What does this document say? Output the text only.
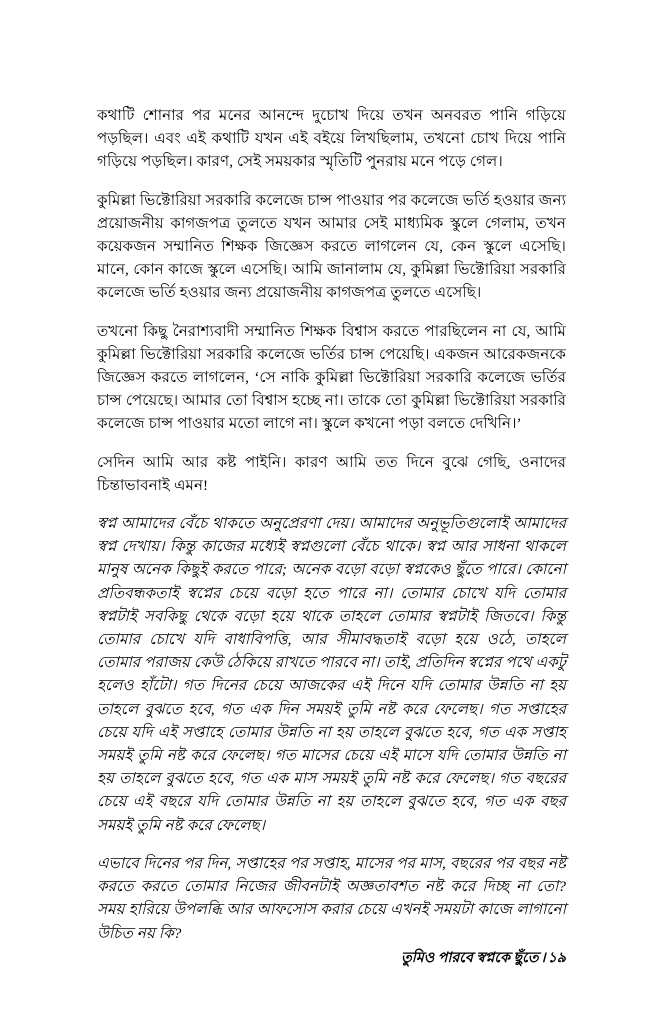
কথাটি শোনার পর মনের আনন্দে দুচোখ দিয়ে তখন অনবরত পানি গড়িয়ে পড়ছিল। এবং এই কথাটি যখন এই বইয়ে লিখছিলাম, তখনো চোখ দিয়ে পানি গড়িয়ে পড়ছিল। কারণ, সেই সময়কার স্মৃতিটি পুনরায় মনে পড়ে গেল।

কুমিল্লা ভিক্টোরিয়া সরকারি কলেজে চান্স পাওয়ার পর কলেজে ভর্তি হওয়ার জন্য প্রয়োজনীয় কাগজপত্র তুলতে যখন আমার সেই মাধ্যমিক স্কুলে গেলাম, তখন কয়েকজন সম্মানিত শিক্ষক জিজ্ঞেস করতে লাগলেন যে, কেন স্কুলে এসেছি। মানে, কোন কাজে স্কুলে এসেছি। আমি জানালাম যে, কুমিল্লা ভিক্টোরিয়া সরকারি কলেজে ভর্তি হওয়ার জন্য প্রয়োজনীয় কাগজপত্র তুলতে এসেছি।

তখনো কিছু নৈরাশ্যবাদী সম্মানিত শিক্ষক বিশ্বাস করতে পারছিলেন না যে, আমি কুমিল্লা ভিক্টোরিয়া সরকারি কলেজে ভর্তির চান্স পেয়েছি। একজন আরেকজনকে জিজ্ঞেস করতে লাগলেন, ‘সে নাকি কুমিল্লা ভিক্টোরিয়া সরকারি কলেজে ভর্তির চান্স পেয়েছে। আমার তো বিশ্বাস হচ্ছে না। তাকে তো কুমিল্লা ভিক্টোরিয়া সরকারি কলেজে চান্স পাওয়ার মতো লাগে না। স্কুলে কখনো পড়া বলতে দেখিনি।’

সেদিন আমি আর কষ্ট পাইনি। কারণ আমি তত দিনে বুঝে গেছি, ওনাদের চিন্তাভাবনাই এমন!

স্বপ্ন আমাদের বেঁচে থাকতে অনুপ্রেরণা দেয়। আমাদের অনুভূতিগুলোই আমাদের স্বপ্ন দেখায়। কিন্তু কাজের মধ্যেই স্বপ্নগুলো বেঁচে থাকে। স্বপ্ন আর সাধনা থাকলে মানুষ অনেক কিছুই করতে পারে; অনেক বড়ো বড়ো স্বপ্নকেও ছুঁতে পারে। কোনো প্রতিবন্ধকতাই স্বপ্নের চেয়ে বড়ো হতে পারে না। তোমার চোখে যদি তোমার স্বপ্নটাই সবকিছু থেকে বড়ো হয়ে থাকে তাহলে তোমার স্বপ্নটাই জিতবে। কিন্তু তোমার চোখে যদি বাধাবিপত্তি, আর সীমাবদ্ধতাই বড়ো হয়ে ওঠে, তাহলে তোমার পরাজয় কেউ ঠেকিয়ে রাখতে পারবে না। তাই, প্রতিদিন স্বপ্নের পথে একটু হলেও হাঁটো। গত দিনের চেয়ে আজকের এই দিনে যদি তোমার উন্নতি না হয় তাহলে বুঝতে হবে, গত এক দিন সময়ই তুমি নষ্ট করে ফেলেছ। গত সপ্তাহের চেয়ে যদি এই সপ্তাহে তোমার উন্নতি না হয় তাহলে বুঝতে হবে, গত এক সপ্তাহ সময়ই তুমি নষ্ট করে ফেলেছ। গত মাসের চেয়ে এই মাসে যদি তোমার উন্নতি না হয় তাহলে বুঝতে হবে, গত এক মাস সময়ই তুমি নষ্ট করে ফেলেছ। গত বছরের চেয়ে এই বছরে যদি তোমার উন্নতি না হয় তাহলে বুঝতে হবে, গত এক বছর সময়ই তুমি নষ্ট করে ফেলেছ।

এভাবে দিনের পর দিন, সপ্তাহের পর সপ্তাহ, মাসের পর মাস, বছরের পর বছর নষ্ট করতে করতে তোমার নিজের জীবনটাই অজ্ঞতাবশত নষ্ট করে দিচ্ছ না তো? সময় হারিয়ে উপলব্ধি আর আফসোস করার চেয়ে এখনই সময়টা কাজে লাগানো উচিত নয় কি?

তুমিও পারবে স্বপ্নকে ছুঁতে । ১৯
